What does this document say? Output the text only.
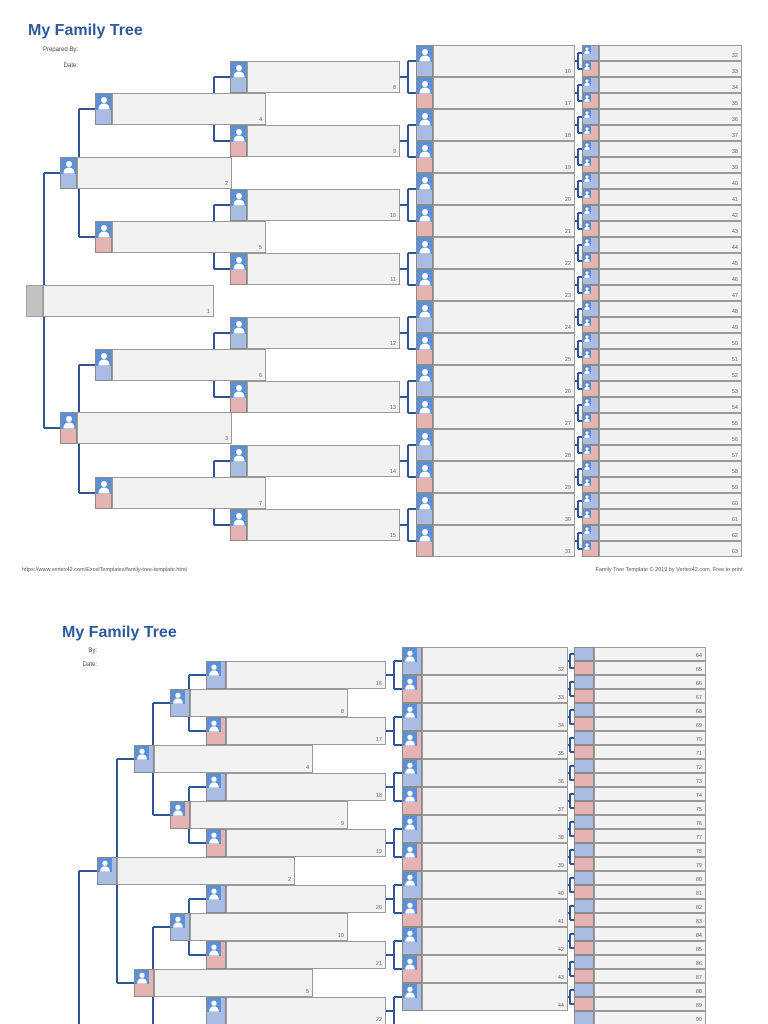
My Family Tree
Prepared By:
Date:
1
2
3
4
5
6
7
8
9
10
11
12
13
14
15
16
17
18
19
20
21
22
23
24
25
26
27
28
29
30
31
32
33
34
35
36
37
38
39
40
41
42
43
44
45
46
47
48
49
50
51
52
53
54
55
56
57
58
59
60
61
62
63
https://www.vertex42.com/ExcelTemplates/family-tree-template.html	Family Tree Template © 2019 by Vertex42.com. Free to print.
My Family Tree
By:
Date:
2
4
5
8
9
10
16
17
18
19
20
21
22
32
33
34
35
36
37
38
39
40
41
42
43
44
64
65
66
67
68
69
70
71
72
73
74
75
76
77
78
79
80
81
82
83
84
85
86
87
88
89
90
